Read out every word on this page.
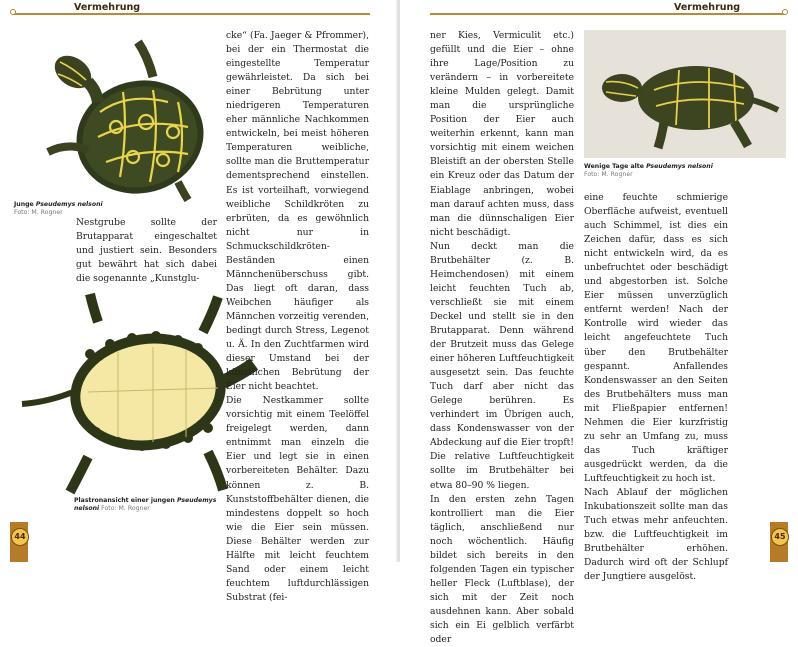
Vermehrung
Junge Pseudemys nelsoni
Foto: M. Rogner
Plastronansicht einer jungen Pseudemys
nelsoni Foto: M. Rogner

Nestgrube sollte der Brutapparat eingeschaltet und justiert sein. Besonders gut bewährt hat sich dabei die sogenannte „Kunstglu-

cke“ (Fa. Jaeger & Pfrommer), bei der ein Thermostat die eingestellte Temperatur gewährleistet. Da sich bei einer Bebrütung unter niedrigeren Temperaturen eher männliche Nachkommen entwickeln, bei meist höheren Temperaturen weibliche, sollte man die Bruttemperatur dementsprechend einstellen. Es ist vorteilhaft, vorwiegend weibliche Schildkröten zu erbrüten, da es gewöhnlich nicht nur in Schmuckschildkröten-Beständen einen Männchenüberschuss gibt. Das liegt oft daran, dass Weibchen häufiger als Männchen vorzeitig verenden, bedingt durch Stress, Legenot u. Ä. In den Zuchtfarmen wird dieser Umstand bei der künstlichen Bebrütung der Eier nicht beachtet.

Die Nestkammer sollte vorsichtig mit einem Teelöffel freigelegt werden, dann entnimmt man einzeln die Eier und legt sie in einen vorbereiteten Behälter. Dazu können z. B. Kunststoffbehälter dienen, die mindestens doppelt so hoch wie die Eier sein müssen. Diese Behälter werden zur Hälfte mit leicht feuchtem Sand oder einem leicht feuchtem luftdurchlässigen Substrat (fei-

44
Vermehrung

ner Kies, Vermiculit etc.) gefüllt und die Eier – ohne ihre Lage/Position zu verändern – in vorbereitete kleine Mulden gelegt. Damit man die ursprüngliche Position der Eier auch weiterhin erkennt, kann man vorsichtig mit einem weichen Bleistift an der obersten Stelle ein Kreuz oder das Datum der Eiablage anbringen, wobei man darauf achten muss, dass man die dünnschaligen Eier nicht beschädigt.

Nun deckt man die Brutbehälter (z. B. Heimchendosen) mit einem leicht feuchten Tuch ab, verschließt sie mit einem Deckel und stellt sie in den Brutapparat. Denn während der Brutzeit muss das Gelege einer höheren Luftfeuchtigkeit ausgesetzt sein. Das feuchte Tuch darf aber nicht das Gelege berühren. Es verhindert im Übrigen auch, dass Kondenswasser von der Abdeckung auf die Eier tropft! Die relative Luftfeuchtigkeit sollte im Brutbehälter bei etwa 80–90 % liegen.

In den ersten zehn Tagen kontrolliert man die Eier täglich, anschließend nur noch wöchentlich. Häufig bildet sich bereits in den folgenden Tagen ein typischer heller Fleck (Luftblase), der sich mit der Zeit noch ausdehnen kann. Aber sobald sich ein Ei gelblich verfärbt oder

Wenige Tage alte Pseudemys nelsoni
Foto: M. Rogner

eine feuchte schmierige Oberfläche aufweist, eventuell auch Schimmel, ist dies ein Zeichen dafür, dass es sich nicht entwickeln wird, da es unbefruchtet oder beschädigt und abgestorben ist. Solche Eier müssen unverzüglich entfernt werden! Nach der Kontrolle wird wieder das leicht angefeuchtete Tuch über den Brutbehälter gespannt. Anfallendes Kondenswasser an den Seiten des Brutbehälters muss man mit Fließpapier entfernen! Nehmen die Eier kurzfristig zu sehr an Umfang zu, muss das Tuch kräftiger ausgedrückt werden, da die Luftfeuchtigkeit zu hoch ist.

Nach Ablauf der möglichen Inkubationszeit sollte man das Tuch etwas mehr anfeuchten. bzw. die Luftfeuchtigkeit im Brutbehälter erhöhen. Dadurch wird oft der Schlupf der Jungtiere ausgelöst.

45
